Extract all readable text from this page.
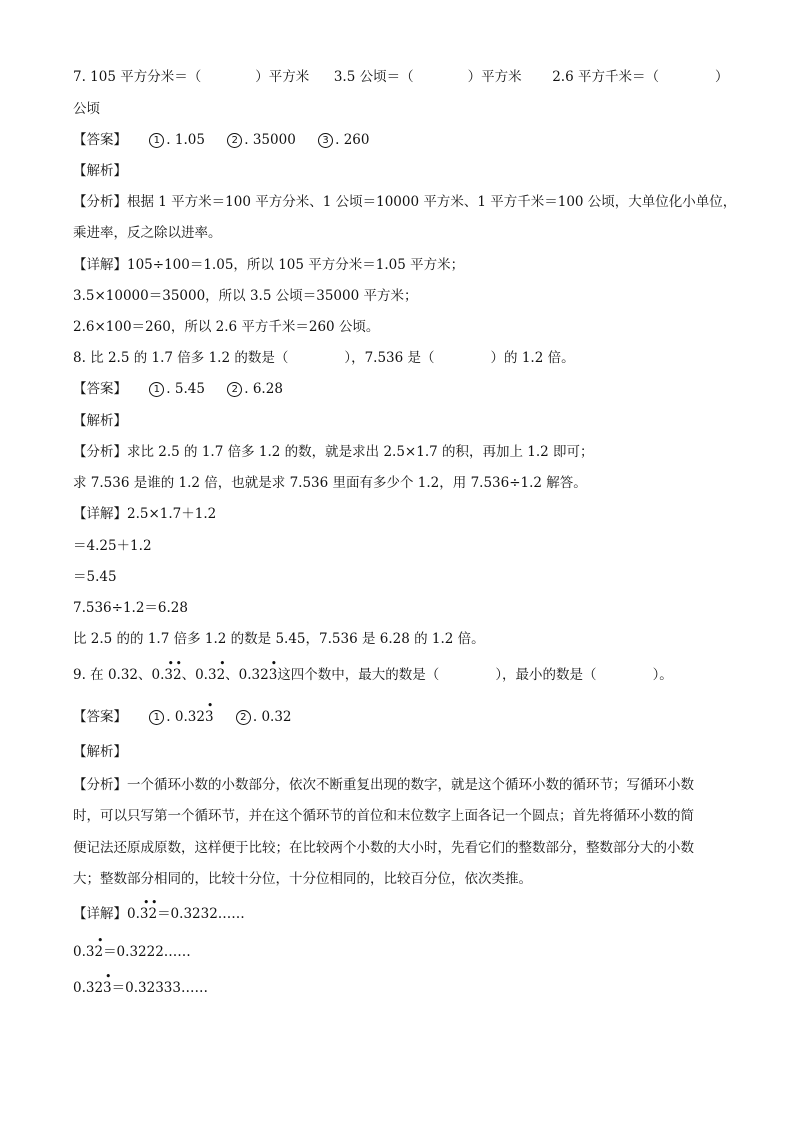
7. 105 平方分米＝（	）平方米 3.5 公顷＝（	）平方米 2.6 平方千米＝（	）
公顷
【答案】	1 . 1.05	2 . 35000	3 . 260
【解析】
【分析】根据 1 平方米＝100 平方分米、1 公顷＝10000 平方米、1 平方千米＝100 公顷，大单位化小单位，
乘进率，反之除以进率。
【详解】105÷100＝1.05，所以 105 平方分米＝1.05 平方米；
3.5×10000＝35000，所以 3.5 公顷＝35000 平方米；
2.6×100＝260，所以 2.6 平方千米＝260 公顷。
8. 比 2.5 的 1.7 倍多 1.2 的数是（	），7.536 是（	）的 1.2 倍。
【答案】	1 . 5.45	2 . 6.28
【解析】
【分析】求比 2.5 的 1.7 倍多 1.2 的数，就是求出 2.5×1.7 的积，再加上 1.2 即可；
求 7.536 是谁的 1.2 倍，也就是求 7.536 里面有多少个 1.2，用 7.536÷1.2 解答。
【详解】2.5×1.7＋1.2
＝4.25＋1.2
＝5.45
7.536÷1.2＝6.28
比 2.5 的的 1.7 倍多 1.2 的数是 5.45，7.536 是 6.28 的 1.2 倍。
9. 在 0.32、0.32
• •
、0.32
•
、0.323
•
这四个数中，最大的数是（	），最小的数是（	）。
【答案】	1 . 0.323
•
2 . 0.32
【解析】
【分析】一个循环小数的小数部分，依次不断重复出现的数字，就是这个循环小数的循环节；写循环小数
时，可以只写第一个循环节，并在这个循环节的首位和末位数字上面各记一个圆点；首先将循环小数的简
便记法还原成原数，这样便于比较；在比较两个小数的大小时，先看它们的整数部分，整数部分大的小数
大；整数部分相同的，比较十分位，十分位相同的，比较百分位，依次类推。
【详解】0.32
• •
＝0.3232……
0.32
•
＝0.3222……
0.323
•
＝0.32333……
